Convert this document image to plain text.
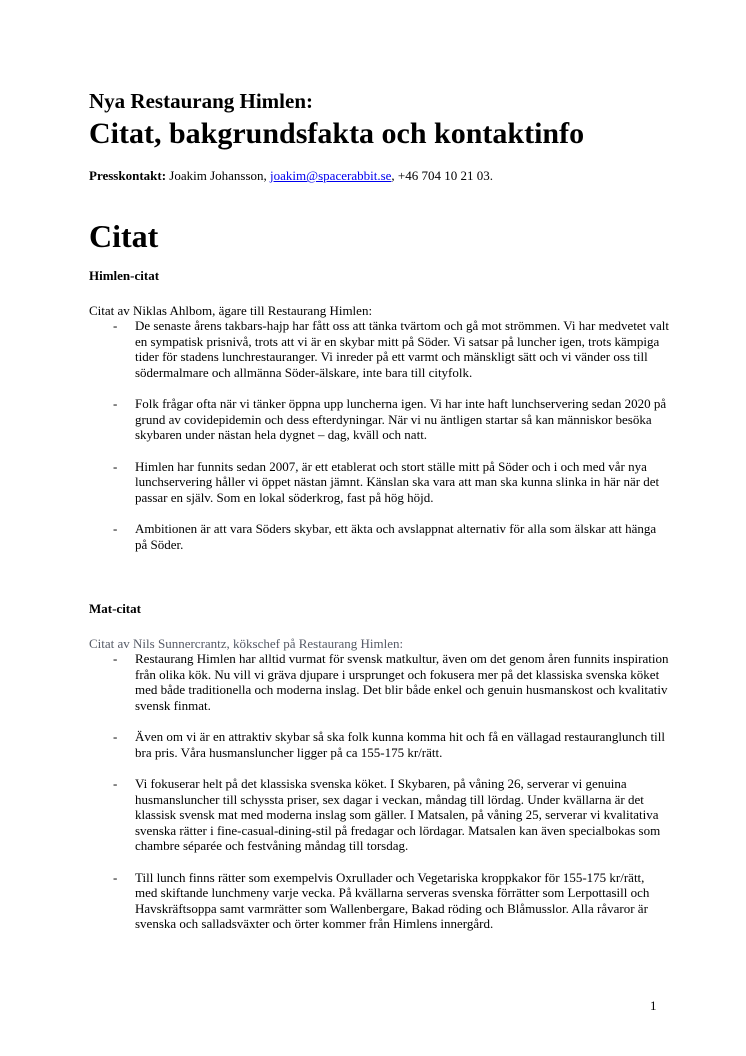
Nya Restaurang Himlen:
Citat, bakgrundsfakta och kontaktinfo
Presskontakt: Joakim Johansson, joakim@spacerabbit.se, +46 704 10 21 03.
Citat
Himlen-citat
Citat av Niklas Ahlbom, ägare till Restaurang Himlen:
- De senaste årens takbars-hajp har fått oss att tänka tvärtom och gå mot strömmen. Vi har medvetet valt en sympatisk prisnivå, trots att vi är en skybar mitt på Söder. Vi satsar på luncher igen, trots kämpiga tider för stadens lunchrestauranger. Vi inreder på ett varmt och mänskligt sätt och vi vänder oss till södermalmare och allmänna Söder-älskare, inte bara till cityfolk.
- Folk frågar ofta när vi tänker öppna upp luncherna igen. Vi har inte haft lunchservering sedan 2020 på grund av covidepidemin och dess efterdyningar. När vi nu äntligen startar så kan människor besöka skybaren under nästan hela dygnet – dag, kväll och natt.
- Himlen har funnits sedan 2007, är ett etablerat och stort ställe mitt på Söder och i och med vår nya lunchservering håller vi öppet nästan jämnt. Känslan ska vara att man ska kunna slinka in här när det passar en själv. Som en lokal söderkrog, fast på hög höjd.
- Ambitionen är att vara Söders skybar, ett äkta och avslappnat alternativ för alla som älskar att hänga på Söder.
Mat-citat
Citat av Nils Sunnercrantz, kökschef på Restaurang Himlen:
- Restaurang Himlen har alltid vurmat för svensk matkultur, även om det genom åren funnits inspiration från olika kök. Nu vill vi gräva djupare i ursprunget och fokusera mer på det klassiska svenska köket med både traditionella och moderna inslag. Det blir både enkel och genuin husmanskost och kvalitativ svensk finmat.
- Även om vi är en attraktiv skybar så ska folk kunna komma hit och få en vällagad restauranglunch till bra pris. Våra husmansluncher ligger på ca 155-175 kr/rätt.
- Vi fokuserar helt på det klassiska svenska köket. I Skybaren, på våning 26, serverar vi genuina husmansluncher till schyssta priser, sex dagar i veckan, måndag till lördag. Under kvällarna är det klassisk svensk mat med moderna inslag som gäller. I Matsalen, på våning 25, serverar vi kvalitativa svenska rätter i fine-casual-dining-stil på fredagar och lördagar. Matsalen kan även specialbokas som chambre séparée och festvåning måndag till torsdag.
- Till lunch finns rätter som exempelvis Oxrullader och Vegetariska kroppkakor för 155-175 kr/rätt, med skiftande lunchmeny varje vecka. På kvällarna serveras svenska förrätter som Lerpottasill och Havskräftsoppa samt varmrätter som Wallenbergare, Bakad röding och Blåmusslor. Alla råvaror är svenska och salladsväxter och örter kommer från Himlens innergård.
1
